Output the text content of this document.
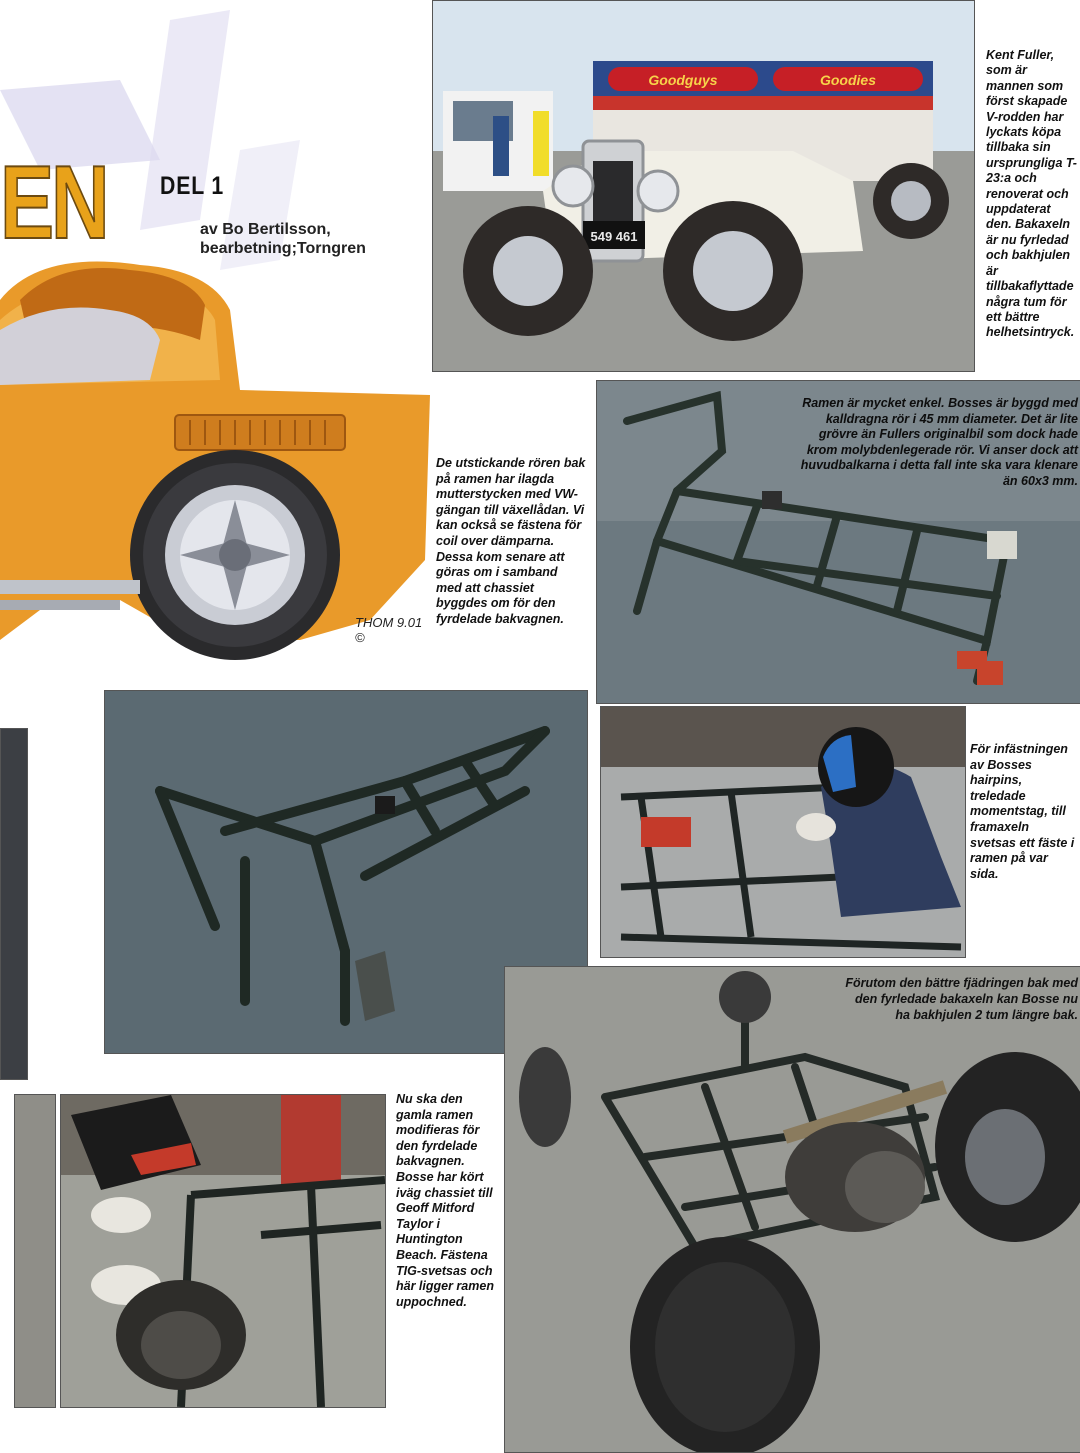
EN	DEL 1
av Bo Bertilsson, bearbetning;Torngren
THOM 9.01 ©
Goodguys	Goodies
549 461
Kent Fuller, som är mannen som först skapade V-rodden har lyckats köpa tillbaka sin ursprungliga T-23:a och renoverat och uppdaterat den. Bakaxeln är nu fyrledad och bakhjulen är tillbakaflyttade några tum för ett bättre helhetsintryck.
Ramen är mycket enkel. Bosses är byggd med kalldragna rör i 45 mm diameter. Det är lite grövre än Fullers originalbil som dock hade krom molybdenlegerade rör. Vi anser dock att huvudbalkarna i detta fall inte ska vara klenare än 60x3 mm.
De utstickande rören bak på ramen har ilagda mutterstycken med VW-gängan till växellådan. Vi kan också se fästena för coil over dämparna. Dessa kom senare att göras om i samband med att chassiet byggdes om för den fyrdelade bakvagnen.
För infästningen av Bosses hairpins, treledade momentstag, till framaxeln svetsas ett fäste i ramen på var sida.
Förutom den bättre fjädringen bak med den fyrledade bakaxeln kan Bosse nu ha bakhjulen 2 tum längre bak.
Nu ska den gamla ramen modifieras för den fyrdelade bakvagnen. Bosse har kört iväg chassiet till Geoff Mitford Taylor i Huntington Beach. Fästena TIG-svetsas och här ligger ramen uppochned.
